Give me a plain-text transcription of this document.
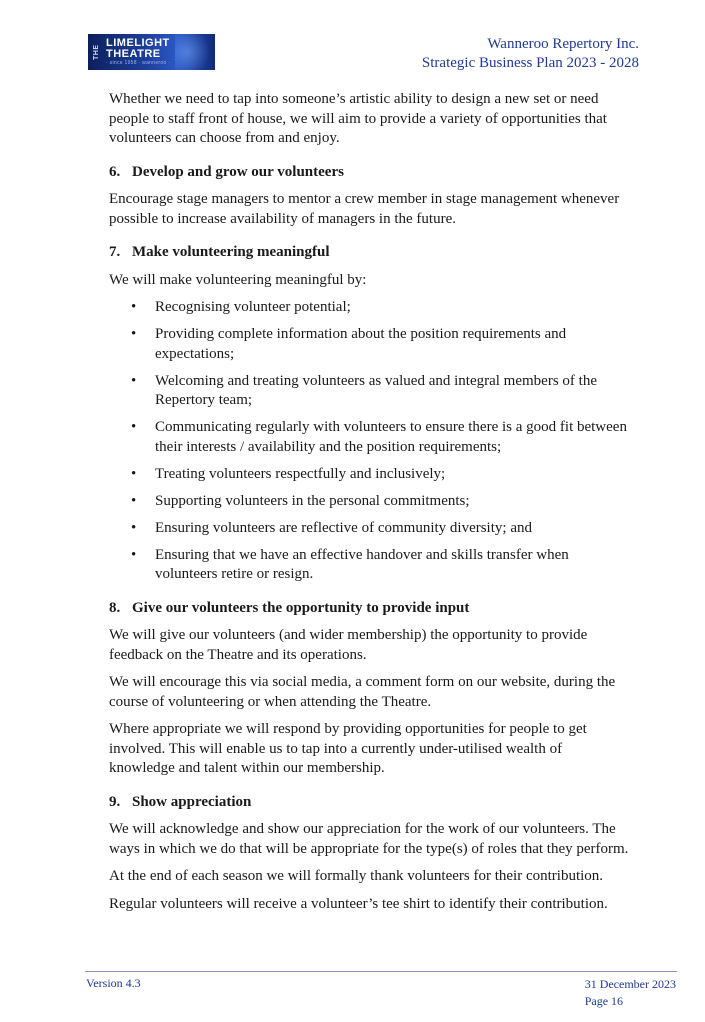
THE
LIMELIGHT
THEATRE
· since 1958 · wanneroo ·
Wanneroo Repertory Inc.
Strategic Business Plan 2023 - 2028

Whether we need to tap into someone’s artistic ability to design a new set or need people to staff front of house, we will aim to provide a variety of opportunities that volunteers can choose from and enjoy.

6. Develop and grow our volunteers

Encourage stage managers to mentor a crew member in stage management whenever possible to increase availability of managers in the future.

7. Make volunteering meaningful

We will make volunteering meaningful by:

• Recognising volunteer potential;
• Providing complete information about the position requirements and expectations;
• Welcoming and treating volunteers as valued and integral members of the Repertory team;
• Communicating regularly with volunteers to ensure there is a good fit between their interests / availability and the position requirements;
• Treating volunteers respectfully and inclusively;
• Supporting volunteers in the personal commitments;
• Ensuring volunteers are reflective of community diversity; and
• Ensuring that we have an effective handover and skills transfer when volunteers retire or resign.
8. Give our volunteers the opportunity to provide input

We will give our volunteers (and wider membership) the opportunity to provide feedback on the Theatre and its operations.

We will encourage this via social media, a comment form on our website, during the course of volunteering or when attending the Theatre.

Where appropriate we will respond by providing opportunities for people to get involved. This will enable us to tap into a currently under-utilised wealth of knowledge and talent within our membership.

9. Show appreciation

We will acknowledge and show our appreciation for the work of our volunteers. The ways in which we do that will be appropriate for the type(s) of roles that they perform.

At the end of each season we will formally thank volunteers for their contribution.

Regular volunteers will receive a volunteer’s tee shirt to identify their contribution.

Version 4.3	31 December 2023
Page 16
